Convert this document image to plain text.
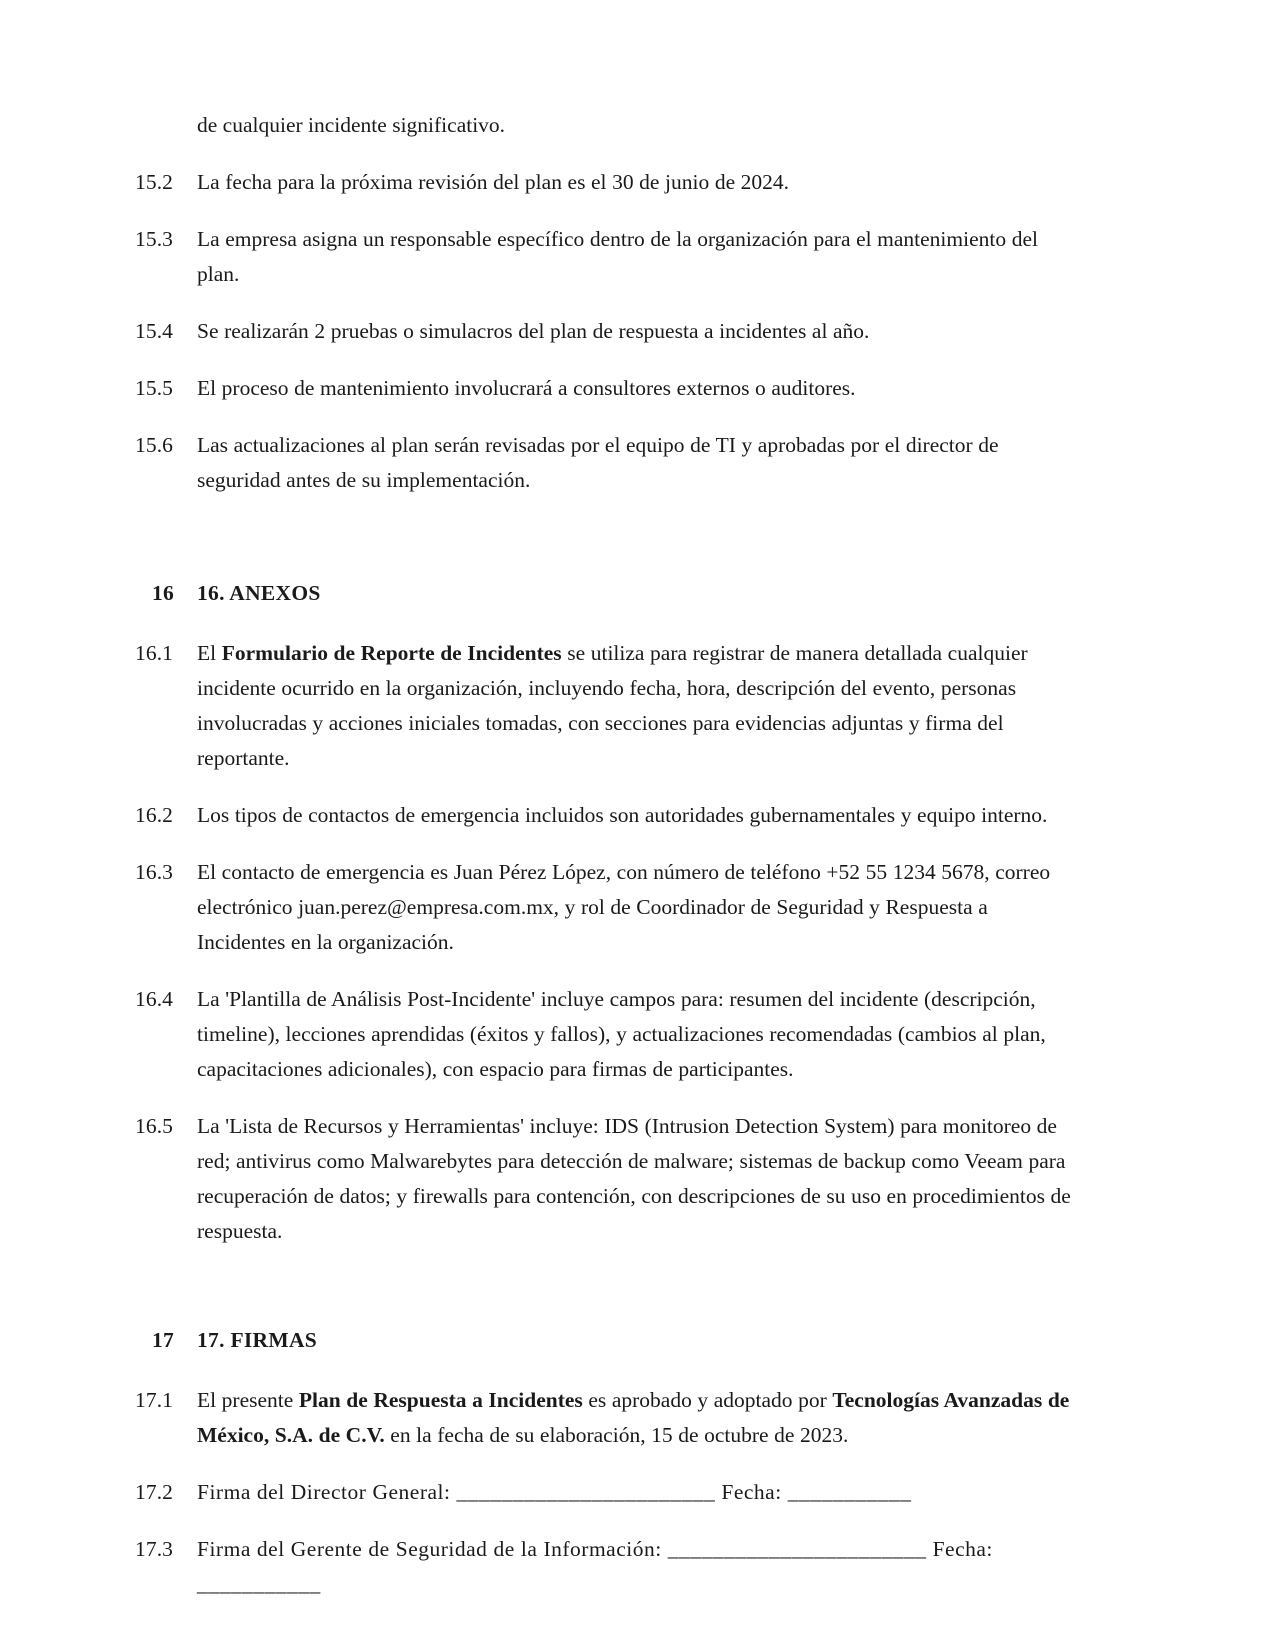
de cualquier incidente significativo.
15.2	La fecha para la próxima revisión del plan es el 30 de junio de 2024.
15.3	La empresa asigna un responsable específico dentro de la organización para el mantenimiento del plan.
15.4	Se realizarán 2 pruebas o simulacros del plan de respuesta a incidentes al año.
15.5	El proceso de mantenimiento involucrará a consultores externos o auditores.
15.6	Las actualizaciones al plan serán revisadas por el equipo de TI y aprobadas por el director de seguridad antes de su implementación.
16	16. ANEXOS
16.1	El Formulario de Reporte de Incidentes se utiliza para registrar de manera detallada cualquier incidente ocurrido en la organización, incluyendo fecha, hora, descripción del evento, personas involucradas y acciones iniciales tomadas, con secciones para evidencias adjuntas y firma del reportante.
16.2	Los tipos de contactos de emergencia incluidos son autoridades gubernamentales y equipo interno.
16.3	El contacto de emergencia es Juan Pérez López, con número de teléfono +52 55 1234 5678, correo electrónico juan.perez@empresa.com.mx, y rol de Coordinador de Seguridad y Respuesta a Incidentes en la organización.
16.4	La 'Plantilla de Análisis Post-Incidente' incluye campos para: resumen del incidente (descripción, timeline), lecciones aprendidas (éxitos y fallos), y actualizaciones recomendadas (cambios al plan, capacitaciones adicionales), con espacio para firmas de participantes.
16.5	La 'Lista de Recursos y Herramientas' incluye: IDS (Intrusion Detection System) para monitoreo de red; antivirus como Malwarebytes para detección de malware; sistemas de backup como Veeam para recuperación de datos; y firewalls para contención, con descripciones de su uso en procedimientos de respuesta.
17	17. FIRMAS
17.1	El presente Plan de Respuesta a Incidentes es aprobado y adoptado por Tecnologías Avanzadas de México, S.A. de C.V. en la fecha de su elaboración, 15 de octubre de 2023.
17.2	Firma del Director General: _______________________ Fecha: ___________
17.3	Firma del Gerente de Seguridad de la Información: _______________________ Fecha: ___________
